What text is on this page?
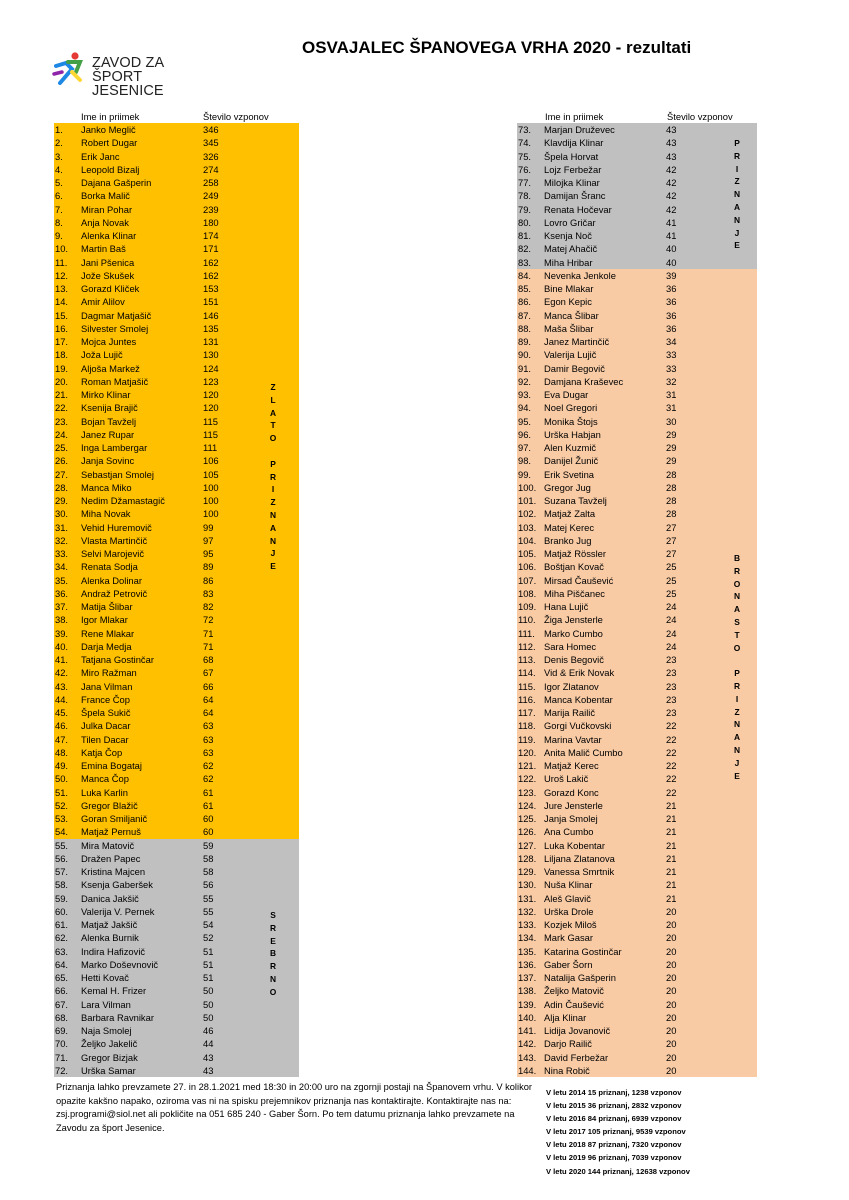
ZAVOD ZA ŠPORT
JESENICE
OSVAJALEC ŠPANOVEGA VRHA 2020 - rezultati
Ime in priimek	Število vzponov	Ime in priimek	Število vzponov
1. Janko Meglič	346
2. Robert Dugar	345
3. Erik Janc	326
4. Leopold Bizalj	274
5. Dajana Gašperin	258
6. Borka Malič	249
7. Miran Pohar	239
8. Anja Novak	180
9. Alenka Klinar	174
10. Martin Baš	171
11. Jani Pšenica	162
12. Jože Skušek	162
13. Gorazd Kliček	153
14. Amir Alilov	151
15. Dagmar Matjašič	146
16. Silvester Smolej	135
17. Mojca Juntes	131
18. Joža Lujič	130
19. Aljoša Markež	124
20. Roman Matjašič	123
21. Mirko Klinar	120
22. Ksenija Brajič	120
23. Bojan Tavželj	115
24. Janez Rupar	115
25. Inga Lambergar	111
26. Janja Sovinc	106
27. Sebastjan Smolej	105
28. Manca Miko	100
29. Nedim Džamastagič	100
30. Miha Novak	100
31. Vehid Huremovič	99
32. Vlasta Martinčič	97
33. Selvi Marojevič	95
34. Renata Sodja	89
35. Alenka Dolinar	86
36. Andraž Petrovič	83
37. Matija Šlibar	82
38. Igor Mlakar	72
39. Rene Mlakar	71
40. Darja Medja	71
41. Tatjana Gostinčar	68
42. Miro Ražman	67
43. Jana Vilman	66
44. France Čop	64
45. Špela Sukič	64
46. Julka Dacar	63
47. Tilen Dacar	63
48. Katja Čop	63
49. Emina Bogataj	62
50. Manca Čop	62
51. Luka Karlin	61
52. Gregor Blažič	61
53. Goran Smiljanič	60
54. Matjaž Pernuš	60
55. Mira Matovič	59
56. Dražen Papec	58
57. Kristina Majcen	58
58. Ksenja Gaberšek	56
59. Danica Jakšič	55
60. Valerija V. Pernek	55
61. Matjaž Jakšič	54
62. Alenka Burnik	52
63. Indira Hafizovič	51
64. Marko Doševnovič	51
65. Hetti Kovač	51
66. Kemal H. Frizer	50
67. Lara Vilman	50
68. Barbara Ravnikar	50
69. Naja Smolej	46
70. Željko Jakelič	44
71. Gregor Bizjak	43
72. Urška Samar	43
73. Marjan Druževec	43
74. Klavdija Klinar	43
75. Špela Horvat	43
76. Lojz Ferbežar	42
77. Milojka Klinar	42
78. Damijan Šranc	42
79. Renata Hočevar	42
80. Lovro Gričar	41
81. Ksenja Noč	41
82. Matej Ahačič	40
83. Miha Hribar	40
84. Nevenka Jenkole	39
85. Bine Mlakar	36
86. Egon Kepic	36
87. Manca Šlibar	36
88. Maša Šlibar	36
89. Janez Martinčič	34
90. Valerija Lujič	33
91. Damir Begovič	33
92. Damjana Kraševec	32
93. Eva Dugar	31
94. Noel Gregori	31
95. Monika Štojs	30
96. Urška Habjan	29
97. Alen Kuzmič	29
98. Danijel Žunič	29
99. Erik Svetina	28
100. Gregor Jug	28
101. Suzana Tavželj	28
102. Matjaž Zalta	28
103. Matej Kerec	27
104. Branko Jug	27
105. Matjaž Rössler	27
106. Boštjan Kovač	25
107. Mirsad Čaušević	25
108. Miha Piščanec	25
109. Hana Lujič	24
110. Žiga Jensterle	24
111. Marko Cumbo	24
112. Sara Homec	24
113. Denis Begovič	23
114. Vid & Erik Novak	23
115. Igor Zlatanov	23
116. Manca Kobentar	23
117. Marija Railič	23
118. Gorgi Vučkovski	22
119. Marina Vavtar	22
120. Anita Malič Cumbo	22
121. Matjaž Kerec	22
122. Uroš Lakič	22
123. Gorazd Konc	22
124. Jure Jensterle	21
125. Janja Smolej	21
126. Ana Cumbo	21
127. Luka Kobentar	21
128. Liljana Zlatanova	21
129. Vanessa Smrtnik	21
130. Nuša Klinar	21
131. Aleš Glavič	21
132. Urška Drole	20
133. Kozjek Miloš	20
134. Mark Gasar	20
135. Katarina Gostinčar	20
136. Gaber Šorn	20
137. Natalija Gašperin	20
138. Željko Matovič	20
139. Adin Čaušević	20
140. Alja Klinar	20
141. Lidija Jovanovič	20
142. Darjo Railič	20
143. David Ferbežar	20
144. Nina Robič	20
Z
L
A
T
O

P
R
I
Z
N
A
N
J
E
S
R
E
B
R
N
O
P
R
I
Z
N
A
N
J
E
B
R
O
N
A
S
T
O

P
R
I
Z
N
A
N
J
E
Priznanja lahko prevzamete 27. in 28.1.2021 med 18:30 in 20:00 uro na zgornji postaji na Španovem vrhu. V kolikor opazite kakšno napako, oziroma vas ni na spisku prejemnikov priznanja nas kontaktirajte. Kontaktirajte nas na: zsj.programi@siol.net ali pokličite na 051 685 240 - Gaber Šorn. Po tem datumu priznanja lahko prevzamete na Zavodu za šport Jesenice.
V letu 2014 15 priznanj, 1238 vzponov
V letu 2015 36 priznanj, 2832 vzponov
V letu 2016 84 priznanj, 6939 vzponov
V letu 2017 105 priznanj, 9539 vzponov
V letu 2018 87 priznanj, 7320 vzponov
V letu 2019 96 priznanj, 7039 vzponov
V letu 2020 144 priznanj, 12638 vzponov
